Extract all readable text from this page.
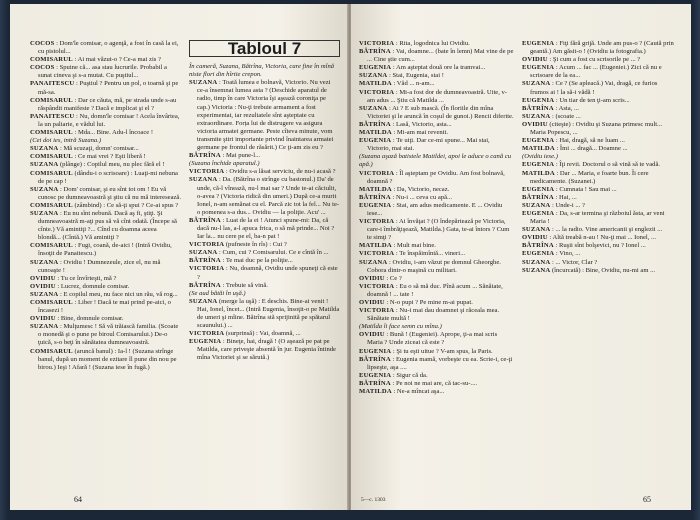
COCOS : Dom'le comisar, o agenţă, a fost în casă la ei, cu pistolul...

COMISARUL : Ai mai văzut-o ? Ce-a mai zis ?

COCOS : Spuine că... asa stau lucrurile. Probabil a sunat cineva şi s-a mutat. Cu puştiul...

PANAITESCU : Puştiul ? Pentru un pol, o toarnă şi pe mă-sa.

COMISARUL : Dar ce căuta, mă, pe strada unde s-au răspândit manifeste ? Dacă e implicat şi el ?

PANAITESCU : Nu, domn'le comisar ! Acela învârtea, la un paliarie, e vădul lui.

COMISARUL : Mda... Bine. Adu-l încoace !

(Cei doi ies, intră Suzana.)

SUZANA : Mă scuzaţi, domn' comisar...

COMISARUL : Ce mai vrei ? Eşti liberă !

SUZANA (plânge) : Copilul meu, nu plec fără el !

COMISARUL (dându-i o scrisoare) : Luaţi-mi nebuna de pe cap !

SUZANA : Dom' comisar, şi eu sînt tot om ! Eu vă cunosc pe dumneavoastră şi ştiu că nu mă interesează.

COMISARUL (zâmbind) : Ce să-ţi spui ? Ce-ai spus ?

SUZANA : Eu nu sînt nebună. Dacă aş fi, ştiţi. Şi dumneavoastră m-aţi pus să vă cînt odată. (Începe să cînte.) Vă amintiţi ?... Cînd cu doamna aceea blondă... (Cîntă.) Vă amintiţi ?

COMISARUL : Fugi, coană, de-aici ! (Intră Ovidiu, însoţit de Panaitescu.)

SUZANA : Ovidiu ! Dumnezeule, zice el, nu mă cunoaşte !

OVIDIU : Tu ce învîrteşti, mă ?

OVIDIU : Lucrez, domnule comisar.

SUZANA : E copilul meu, nu face nici un rău, vă rog...

COMISARUL : Liber ! Dacă te mai prind pe-aici, o încasezi !

OVIDIU : Bine, domnule comisar.

SUZANA : Mulţumesc ! Să vă trăiască familia. (Scoate o monedă şi o pune pe biroul Comisarului.) De-o ţuică, s-o beţi în sănătatea dumneavoastră.

COMISARUL (aruncă banul) : Ia-l ! (Suzana strînge banul, după un moment de ezitare îl pune din nou pe birou.) Ieşi ! Afară ! (Suzana iese în fugă.)

Tabloul 7

În cameră, Suzana, Bătrîna, Victoria, care fine în mînă niste flori din hîrtie crepon.

SUZANA : Toată lumea e bolnavă, Victorio. Nu vezi ce-a însemnat lumea asta ? (Deschide aparatul de radio, timp în care Victoria îşi aşează coroniţa pe cap.) Victoria : Nu-ţi trebuie armament a fost experimentat, iar rezultatele sînt aşteptate cu extraordinare. Forța lui de distrugere va asigura victoria armatei germane. Peste cîteva minute, vom transmite ştiri importante privind înaintarea armatei germane pe frontul de răsărit.) Ce ţi-am zis eu ?

BĂTRÎNA : Mai pune-l...

(Suzana închide aparatul.)

VICTORIA : Ovidiu s-a lăsat serviciu, de nu-i acasă ?

SUZANA : Da. (Bătrîna o strînge cu bastonul.) Da' de unde, că-l vînează, nu-l mai sar ? Unde te-ai căciulit, o-avea ? (Victoria ridică din umeri.) După ce-a murit Ionel, n-am semănat cu el. Parcă zic tot la fel... Nu te-o pomenea s-a dus... Ovidiu — la poliţie. Acu' ...

BĂTRÎNA : Luat de la ei ! Atunci spune-mi: Da, că dacă nu-l las, a-l apuca frica, o să mă prinde... Noi ? Iar la... nu cere pe el, ba-n pat !

VICTORIA (pufneste în rîs) : Cui ?

SUZANA : Cum, cui ? Comisarului. Ce e cîntă în ...

BĂTRÎNA : Te mai duc pe la poliţie...

VICTORIA : Nu, doamnă, Ovidiu unde spuneţi că este ?

BĂTRÎNA : Trebuie să vină.

(Se aud bătăi în uşă.)

SUZANA (merge la uşă) : E deschis. Bine-ai venit ! Hai, Ionel, încet... (Intră Eugenia, însoţit-o pe Matilda de umeri şi mîine. Bătrîna stă sprijinită pe spătarul scaunului.) ...

VICTORIA (surprinsă) : Vai, doamnă, ...

EUGENIA : Bineţe, hai, dragă ! (O aşează pe pat pe Matilda, care priveşte absentă în jur. Eugenia întinde mîna Victoriei şi se sărută.)

64

VICTORIA : Rita, logodnica lui Ovidiu.

BĂTRÎNA : Vai, doamne... (bate în lemn) Mai vine de pe ... Cine ştie cum...

EUGENIA : Am aşteptat două ore la tramvai...

SUZANA : Stai, Eugenia, stai !

MATILDA : Văd ... n-am...

VICTORIA : Mi-a fost dor de dumneavoastră. Uite, v-am adus ... Ştiu că Matilda ...

SUZANA : Ai ? E sub mască. (În floriile din mîna Victoriei şi le aruncă în coşul de gunoi.) Rencii diferite.

BĂTRÎNA : Lasă, Victorio, asta...

MATILDA : Mi-am mai revenit.

EUGENIA : Te uiţi. Dar ce-mi spune... Mai stai, Victorio, mai stai.

(Suzana aşază batistele Matildei, apoi le aduce o cană cu apă.)

VICTORIA : Îl aşteptam pe Ovidiu. Am fost bolnavă, doamnă ?

MATILDA : Da, Victorio, necaz.

BĂTRÎNA : Nu-i ... ceva cu apă...

EUGENIA : Stai, am adus medicamente. E ... Ovidiu iese...

VICTORIA : Ai învăţat ? (O îndepărtează pe Victoria, care-i îmbrăţişează, Matilda.) Gata, te-ai întors ? Cum te simţi ?

MATILDA : Mult mai bine.

VICTORIA : Te înspăimîntă... vineri...

SUZANA : Ovidiu, i-am văzut pe domnul Gheorghe. Cobora dintr-o maşină cu militari.

OVIDIU : Ce ?

VICTORIA : Eu o să mă duc. Pînă acum ... Sănătate, doamnă ! ... tate !

OVIDIU : N-o pupi ? Pe mine m-ai pupat.

VICTORIA : Nu-i mai dau doamnei şi răceala mea. Sănătate multă !

(Matilda îi face semn cu mîna.)

OVIDIU : Bună ! (Eugeniei). Aprope, ţi-a mai scris Maria ? Unde ziceai că este ?

EUGENIA : Şi tu eşti uitue ? V-am spus, la Paris.

BĂTRÎNA : Eugenia mamă, vorbeşte cu ea. Scrie-i, ce-ţi lipseşte, aşa ....

EUGENIA : Sigur că da.

BĂTRÎNA : Pe noi ne mai are, că tac-su-....

MATILDA : Ne-a mîncat aşa...

EUGENIA : Fiţi fără grijă. Unde am pus-o ? (Caută prin geantă.) Am găsit-o ! (Ovidiu ia fotografia.)

OVIDIU : Şi cum a fost cu scrisorile pe ... ?

EUGENIA : Acum ... fac ... (Eugeniei.) Zici că nu e scrisoare de la ea...

SUZANA : Ce ? (Se apleacă.) Vai, dragă, ce furios frumos ai ! la să-i vădă !

EUGENIA : Un tiar de ten ţi-am scris...

BĂTRÎNA : Asta, ...

SUZANA : (scoate ...

OVIDIU (citeşte) : Ovidiu şi Suzana primesc mult... Maria Popescu, ...

EUGENIA : Hai, dragă, să ne luam ...

MATILDA : Îmi ... dragă... Doamne ...

(Ovidiu iese.)

EUGENIA : Îţi revii. Doctorul o să vină să te vadă.

MATILDA : Dar ... Maria, e foarte bun. Îi cere medicamente. (Suzanei.)

EUGENIA : Cumnata ! Sau mai ...

BĂTRÎNA : Hai, ...

SUZANA : Unde-i ... ?

EUGENIA : Da, s-ar termina şi războiul ăsta, ar veni Maria !

SUZANA : ... la radio. Vine americanii şi englezii ...

OVIDIU : Altă treabă n-au ! Nu-ţi mai ... Ionel, ...

BĂTRÎNA : Ruşii sînt bolşevici, nu ? Ionel ...

EUGENIA : Vino, ...

SUZANA : ... Victor, Clar ?

SUZANA (încurcată) : Bine, Ovidiu, nu-mi am ...

5—c. 1303	65
